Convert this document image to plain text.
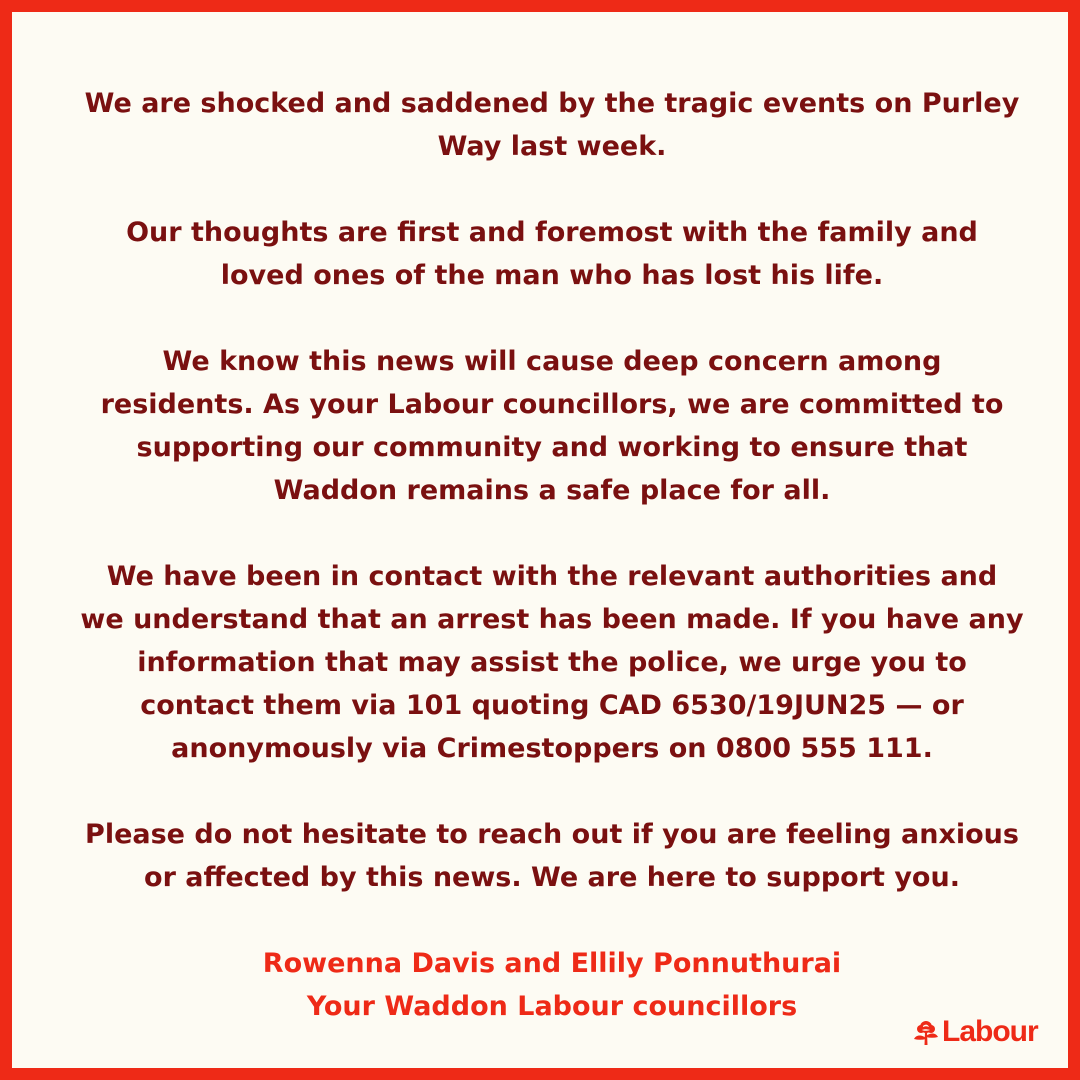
We are shocked and saddened by the tragic events on Purley
Way last week.

Our thoughts are first and foremost with the family and
loved ones of the man who has lost his life.

We know this news will cause deep concern among
residents. As your Labour councillors, we are committed to
supporting our community and working to ensure that
Waddon remains a safe place for all.

We have been in contact with the relevant authorities and
we understand that an arrest has been made. If you have any
information that may assist the police, we urge you to
contact them via 101 quoting CAD 6530/19JUN25 — or
anonymously via Crimestoppers on 0800 555 111.

Please do not hesitate to reach out if you are feeling anxious
or affected by this news. We are here to support you.

Rowenna Davis and Ellily Ponnuthurai
Your Waddon Labour councillors

Labour
